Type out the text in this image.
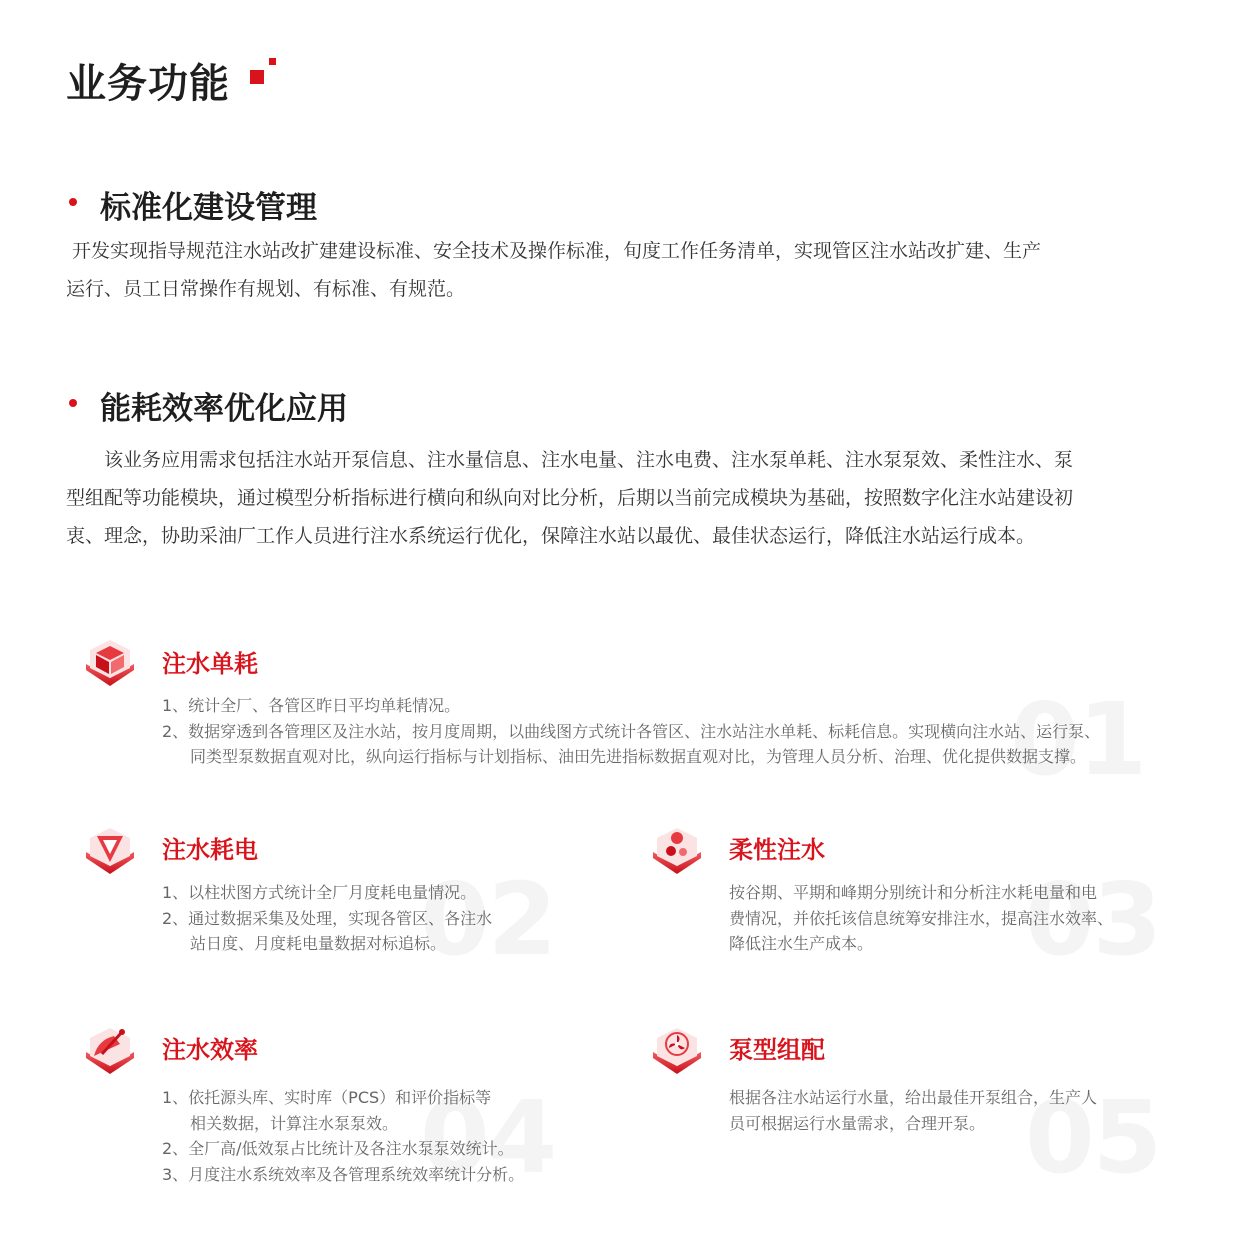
业务功能
标准化建设管理

开发实现指导规范注水站改扩建建设标准、安全技术及操作标准，旬度工作任务清单，实现管区注水站改扩建、生产

运行、员工日常操作有规划、有标准、有规范。

能耗效率优化应用

该业务应用需求包括注水站开泵信息、注水量信息、注水电量、注水电费、注水泵单耗、注水泵泵效、柔性注水、泵

型组配等功能模块，通过模型分析指标进行横向和纵向对比分析，后期以当前完成模块为基础，按照数字化注水站建设初

衷、理念，协助采油厂工作人员进行注水系统运行优化，保障注水站以最优、最佳状态运行，降低注水站运行成本。

01
注水单耗

1、统计全厂、各管区昨日平均单耗情况。

2、数据穿透到各管理区及注水站，按月度周期，以曲线图方式统计各管区、注水站注水单耗、标耗信息。实现横向注水站、运行泵、

同类型泵数据直观对比，纵向运行指标与计划指标、油田先进指标数据直观对比，为管理人员分析、治理、优化提供数据支撑。

02
注水耗电

1、以柱状图方式统计全厂月度耗电量情况。

2、通过数据采集及处理，实现各管区、各注水

站日度、月度耗电量数据对标追标。	03
柔性注水

按谷期、平期和峰期分别统计和分析注水耗电量和电

费情况，并依托该信息统筹安排注水，提高注水效率、

降低注水生产成本。

04
注水效率

1、依托源头库、实时库（PCS）和评价指标等

相关数据，计算注水泵泵效。

2、全厂高/低效泵占比统计及各注水泵泵效统计。

3、月度注水系统效率及各管理系统效率统计分析。	05
泵型组配

根据各注水站运行水量，给出最佳开泵组合，生产人

员可根据运行水量需求，合理开泵。
